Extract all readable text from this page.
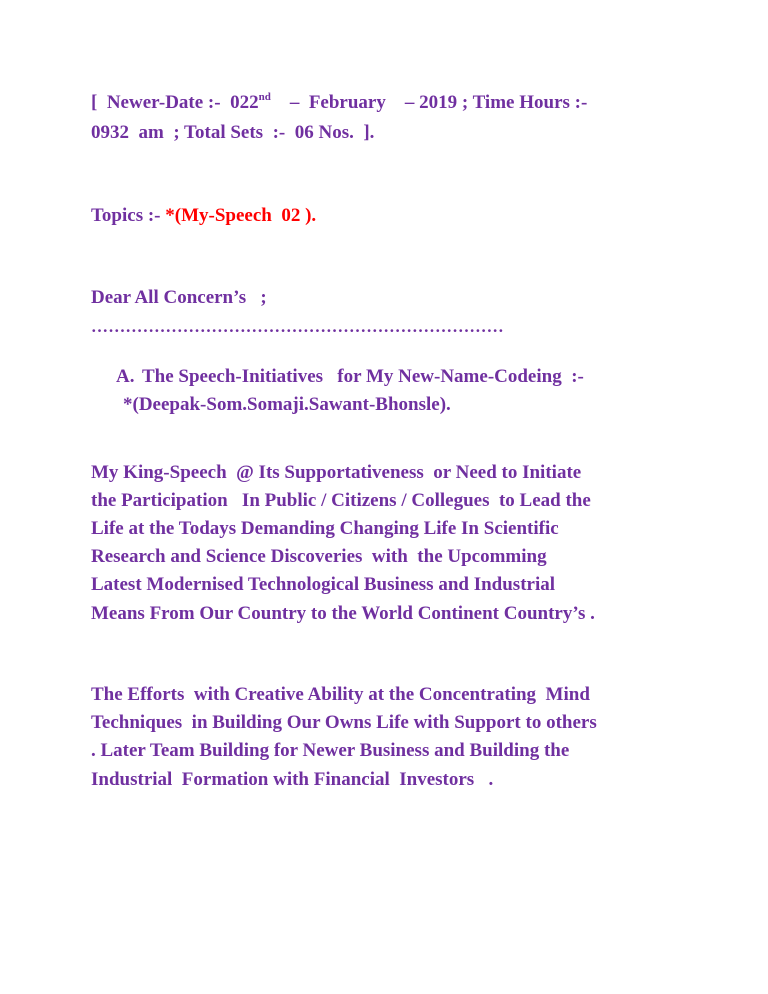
[  Newer-Date :-  022nd    –  February    – 2019 ; Time Hours :-
0932  am  ; Total Sets  :-  06 Nos.  ].
Topics :- *(My-Speech  02 ).
Dear All Concern’s   ;
………………………………………………………………
A. The Speech-Initiatives   for My New-Name-Codeing  :-
*(Deepak-Som.Somaji.Sawant-Bhonsle).
My King-Speech  @ Its Supportativeness  or Need to Initiate
the Participation   In Public / Citizens / Collegues  to Lead the
Life at the Todays Demanding Changing Life In Scientific
Research and Science Discoveries  with  the Upcomming
Latest Modernised Technological Business and Industrial
Means From Our Country to the World Continent Country’s .
The Efforts  with Creative Ability at the Concentrating  Mind
Techniques  in Building Our Owns Life with Support to others
. Later Team Building for Newer Business and Building the
Industrial  Formation with Financial  Investors   .
